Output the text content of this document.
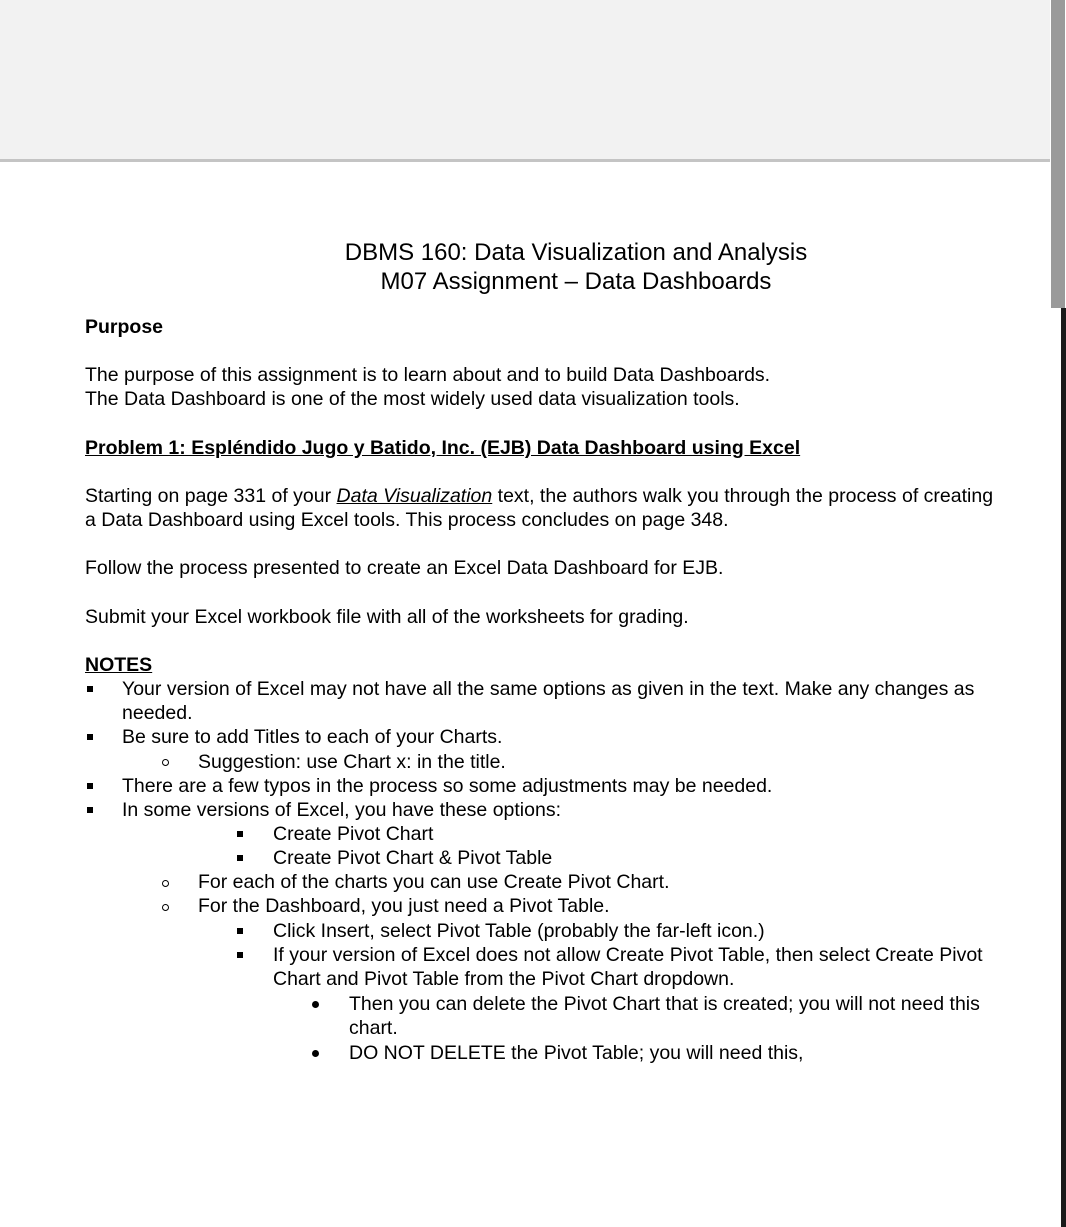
DBMS 160: Data Visualization and Analysis
M07 Assignment – Data Dashboards
Purpose
The purpose of this assignment is to learn about and to build Data Dashboards.
The Data Dashboard is one of the most widely used data visualization tools.
Problem 1: Espléndido Jugo y Batido, Inc. (EJB) Data Dashboard using Excel
Starting on page 331 of your Data Visualization text, the authors walk you through the process of creating
a Data Dashboard using Excel tools. This process concludes on page 348.
Follow the process presented to create an Excel Data Dashboard for EJB.
Submit your Excel workbook file with all of the worksheets for grading.
NOTES
Your version of Excel may not have all the same options as given in the text. Make any changes as
needed.
Be sure to add Titles to each of your Charts.
Suggestion: use Chart x: in the title.
There are a few typos in the process so some adjustments may be needed.
In some versions of Excel, you have these options:
Create Pivot Chart
Create Pivot Chart & Pivot Table
For each of the charts you can use Create Pivot Chart.
For the Dashboard, you just need a Pivot Table.
Click Insert, select Pivot Table (probably the far-left icon.)
If your version of Excel does not allow Create Pivot Table, then select Create Pivot
Chart and Pivot Table from the Pivot Chart dropdown.
Then you can delete the Pivot Chart that is created; you will not need this
chart.
DO NOT DELETE the Pivot Table; you will need this,
